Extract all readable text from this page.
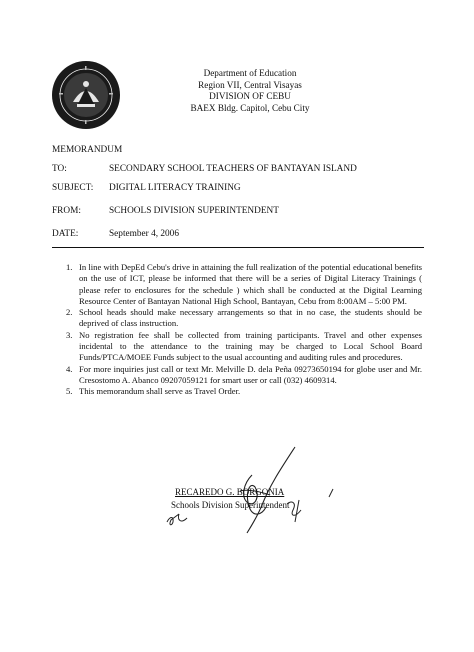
Department of Education
Region VII, Central Visayas
DIVISION OF CEBU
BAEX Bldg. Capitol, Cebu City
MEMORANDUM
TO:	SECONDARY SCHOOL TEACHERS OF BANTAYAN ISLAND
SUBJECT: DIGITAL LITERACY TRAINING
FROM:	SCHOOLS DIVISION SUPERINTENDENT
DATE:	September 4, 2006
1. In line with DepEd Cebu's drive in attaining the full realization of the potential educational benefits on the use of ICT, please be informed that there will be a series of Digital Literacy Trainings ( please refer to enclosures for the schedule ) which shall be conducted at the Digital Learning Resource Center of Bantayan National High School, Bantayan, Cebu from 8:00AM – 5:00 PM.
2. School heads should make necessary arrangements so that in no case, the students should be deprived of class instruction.
3. No registration fee shall be collected from training participants. Travel and other expenses incidental to the attendance to the training may be charged to Local School Board Funds/PTCA/MOEE Funds subject to the usual accounting and auditing rules and procedures.
4. For more inquiries just call or text Mr. Melville D. dela Peña 09273650194 for globe user and Mr. Cresostomo A. Abanco 09207059121 for smart user or call (032) 4609314.
5. This memorandum shall serve as Travel Order.
RECAREDO G. BORGONIA
Schools Division Superintendent
